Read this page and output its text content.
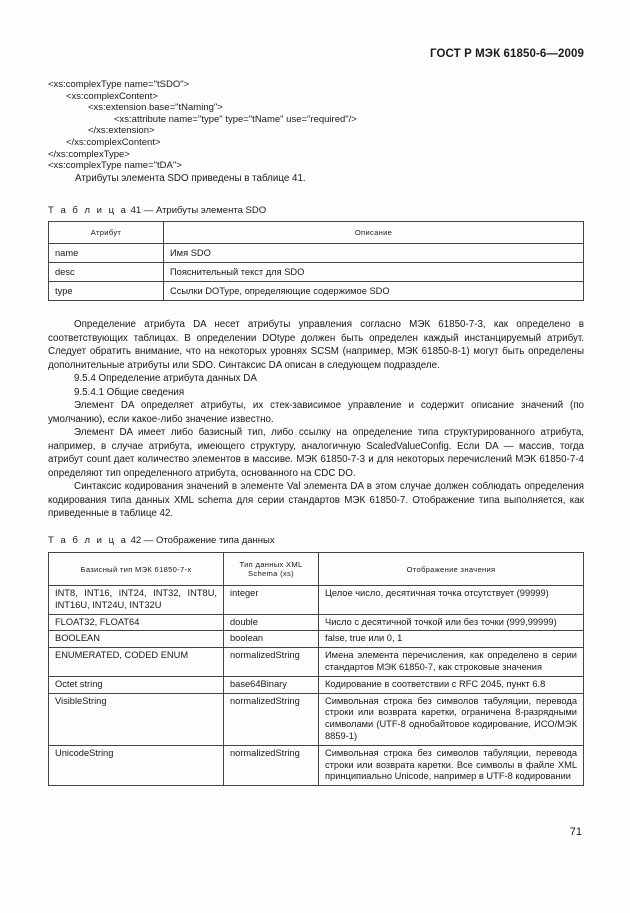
ГОСТ Р МЭК 61850-6—2009
<xs:complexType name="tSDO">
<xs:complexContent>
<xs:extension base="tNaming">
<xs:attribute name="type" type="tName" use="required"/>
</xs:extension>
</xs:complexContent>
</xs:complexType>
<xs:complexType name="tDA">
Атрибуты элемента SDO приведены в таблице 41.
Т а б л и ц а 41 — Атрибуты элемента SDO
Атрибут	Описание
name	Имя SDO
desc	Пояснительный текст для SDO
type	Ссылки DOType, определяющие содержимое SDO
Определение атрибута DA несет атрибуты управления согласно МЭК 61850-7-3, как определено в соответствующих таблицах. В определении DOtype должен быть определен каждый инстанцируемый атрибут. Следует обратить внимание, что на некоторых уровнях SCSM (например, МЭК 61850-8-1) могут быть определены дополнительные атрибуты или SDO. Синтаксис DA описан в следующем подразделе.
9.5.4 Определение атрибута данных DA
9.5.4.1 Общие сведения
Элемент DA определяет атрибуты, их стек-зависимое управление и содержит описание значений (по умолчанию), если какое-либо значение известно.
Элемент DA имеет либо базисный тип, либо ссылку на определение типа структурированного атрибута, например, в случае атрибута, имеющего структуру, аналогичную ScaledValueConfig. Если DA — массив, тогда атрибут count дает количество элементов в массиве. МЭК 61850-7-3 и для некоторых перечислений МЭК 61850-7-4 определяют тип определенного атрибута, основанного на CDC DO.
Синтаксис кодирования значений в элементе Val элемента DA в этом случае должен соблюдать определения кодирования типа данных XML schema для серии стандартов МЭК 61850-7. Отображение типа выполняется, как приведенные в таблице 42.
Т а б л и ц а 42 — Отображение типа данных
Базисный тип МЭК 61850-7-х	Тип данных XML Schema (xs)	Отображение значения
INT8, INT16, INT24, INT32, INT8U, INT16U, INT24U, INT32U	integer	Целое число, десятичная точка отсутствует (99999)
FLOAT32, FLOAT64	double	Число с десятичной точкой или без точки (999,99999)
BOOLEAN	boolean	false, true или 0, 1
ENUMERATED, CODED ENUM	normalizedString	Имена элемента перечисления, как определено в серии стандартов МЭК 61850-7, как строковые значения
Octet string	base64Binary	Кодирование в соответствии с RFC 2045, пункт 6.8
VisibleString	normalizedString	Символьная строка без символов табуляции, перевода строки или возврата каретки, ограничена 8-разрядными символами (UTF-8 однобайтовое кодирование, ИСО/МЭК 8859-1)
UnicodeString	normalizedString	Символьная строка без символов табуляции, перевода строки или возврата каретки. Все символы в файле XML принципиально Unicode, например в UTF-8 кодировании
71
